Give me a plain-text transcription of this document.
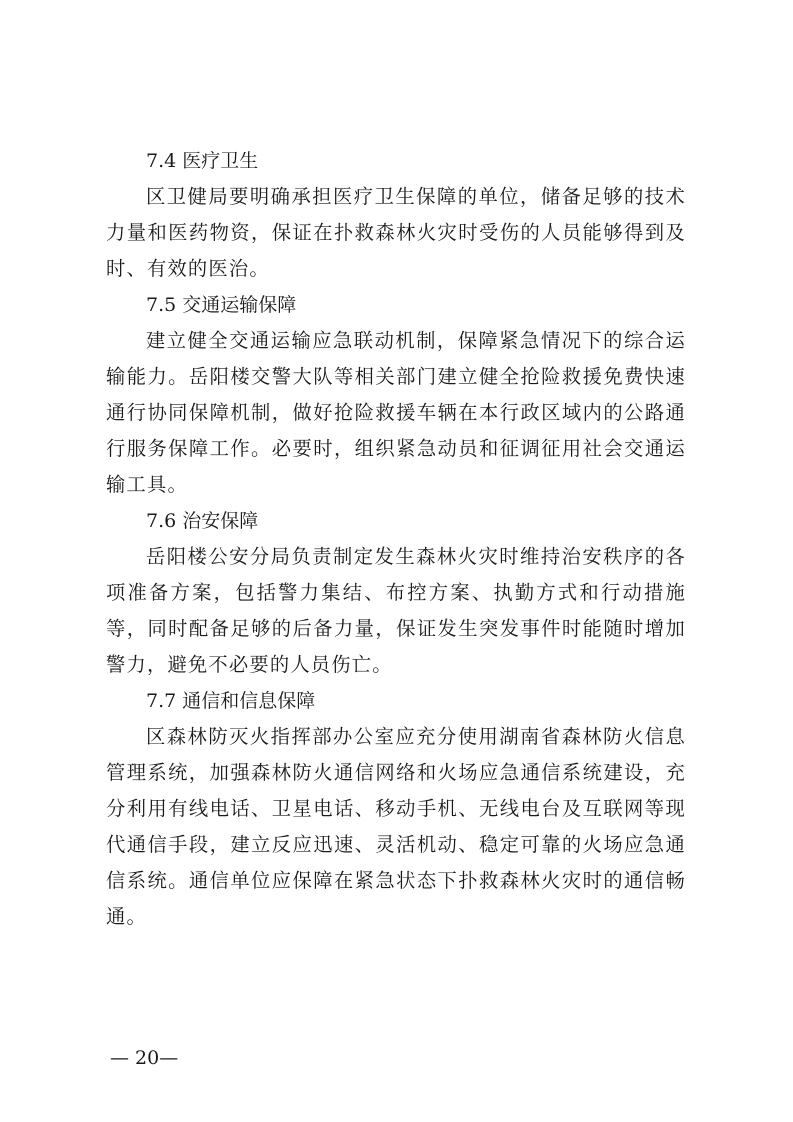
7.4 医疗卫生

区卫健局要明确承担医疗卫生保障的单位，储备足够的技术力量和医药物资，保证在扑救森林火灾时受伤的人员能够得到及时、有效的医治。

7.5 交通运输保障

建立健全交通运输应急联动机制，保障紧急情况下的综合运输能力。岳阳楼交警大队等相关部门建立健全抢险救援免费快速通行协同保障机制，做好抢险救援车辆在本行政区域内的公路通行服务保障工作。必要时，组织紧急动员和征调征用社会交通运输工具。

7.6 治安保障

岳阳楼公安分局负责制定发生森林火灾时维持治安秩序的各项准备方案，包括警力集结、布控方案、执勤方式和行动措施等，同时配备足够的后备力量，保证发生突发事件时能随时增加警力，避免不必要的人员伤亡。

7.7 通信和信息保障

区森林防灭火指挥部办公室应充分使用湖南省森林防火信息管理系统，加强森林防火通信网络和火场应急通信系统建设，充分利用有线电话、卫星电话、移动手机、无线电台及互联网等现代通信手段，建立反应迅速、灵活机动、稳定可靠的火场应急通信系统。通信单位应保障在紧急状态下扑救森林火灾时的通信畅通。

— 20—
